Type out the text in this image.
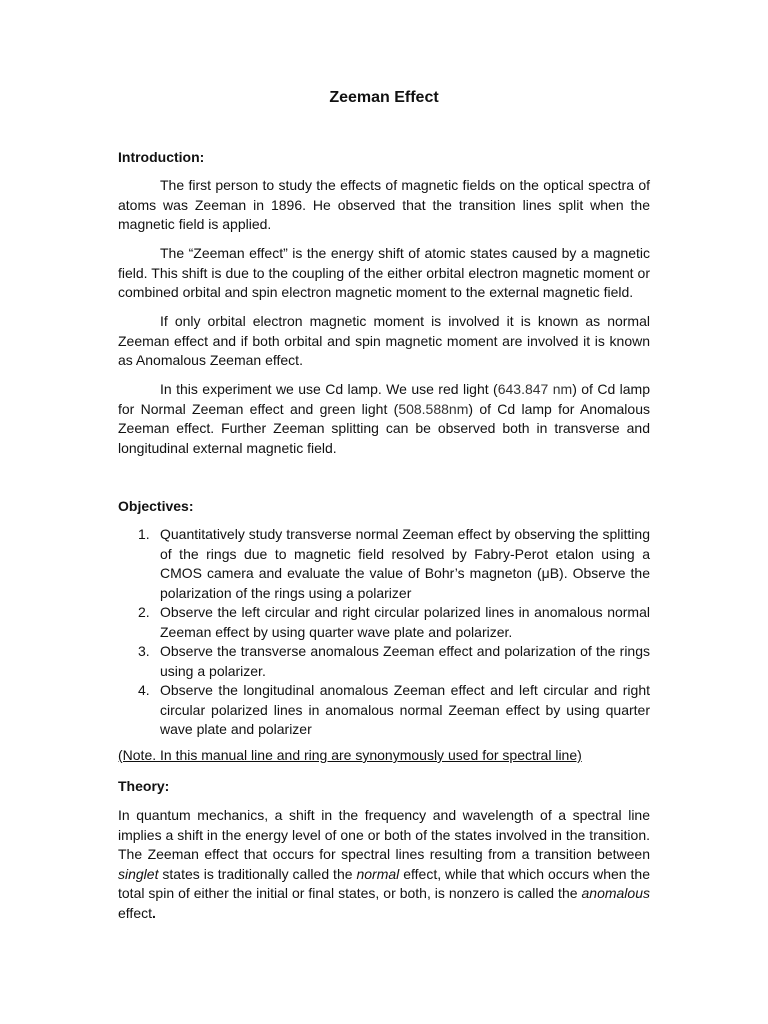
Zeeman Effect
Introduction:

The first person to study the effects of magnetic fields on the optical spectra of atoms was Zeeman in 1896. He observed that the transition lines split when the magnetic field is applied.

The “Zeeman effect” is the energy shift of atomic states caused by a magnetic field. This shift is due to the coupling of the either orbital electron magnetic moment or combined orbital and spin electron magnetic moment to the external magnetic field.

If only orbital electron magnetic moment is involved it is known as normal Zeeman effect and if both orbital and spin magnetic moment are involved it is known as Anomalous Zeeman effect.

In this experiment we use Cd lamp. We use red light (643.847 nm) of Cd lamp for Normal Zeeman effect and green light (508.588nm) of Cd lamp for Anomalous Zeeman effect. Further Zeeman splitting can be observed both in transverse and longitudinal external magnetic field.

Objectives:
1. Quantitatively study transverse normal Zeeman effect by observing the splitting of the rings due to magnetic field resolved by Fabry-Perot etalon using a CMOS camera and evaluate the value of Bohr’s magneton (μB). Observe the polarization of the rings using a polarizer
2. Observe the left circular and right circular polarized lines in anomalous normal Zeeman effect by using quarter wave plate and polarizer.
3. Observe the transverse anomalous Zeeman effect and polarization of the rings using a polarizer.
4. Observe the longitudinal anomalous Zeeman effect and left circular and right circular polarized lines in anomalous normal Zeeman effect by using quarter wave plate and polarizer
(Note. In this manual line and ring are synonymously used for spectral line)
Theory:

In quantum mechanics, a shift in the frequency and wavelength of a spectral line implies a shift in the energy level of one or both of the states involved in the transition. The Zeeman effect that occurs for spectral lines resulting from a transition between singlet states is traditionally called the normal effect, while that which occurs when the total spin of either the initial or final states, or both, is nonzero is called the anomalous effect.
